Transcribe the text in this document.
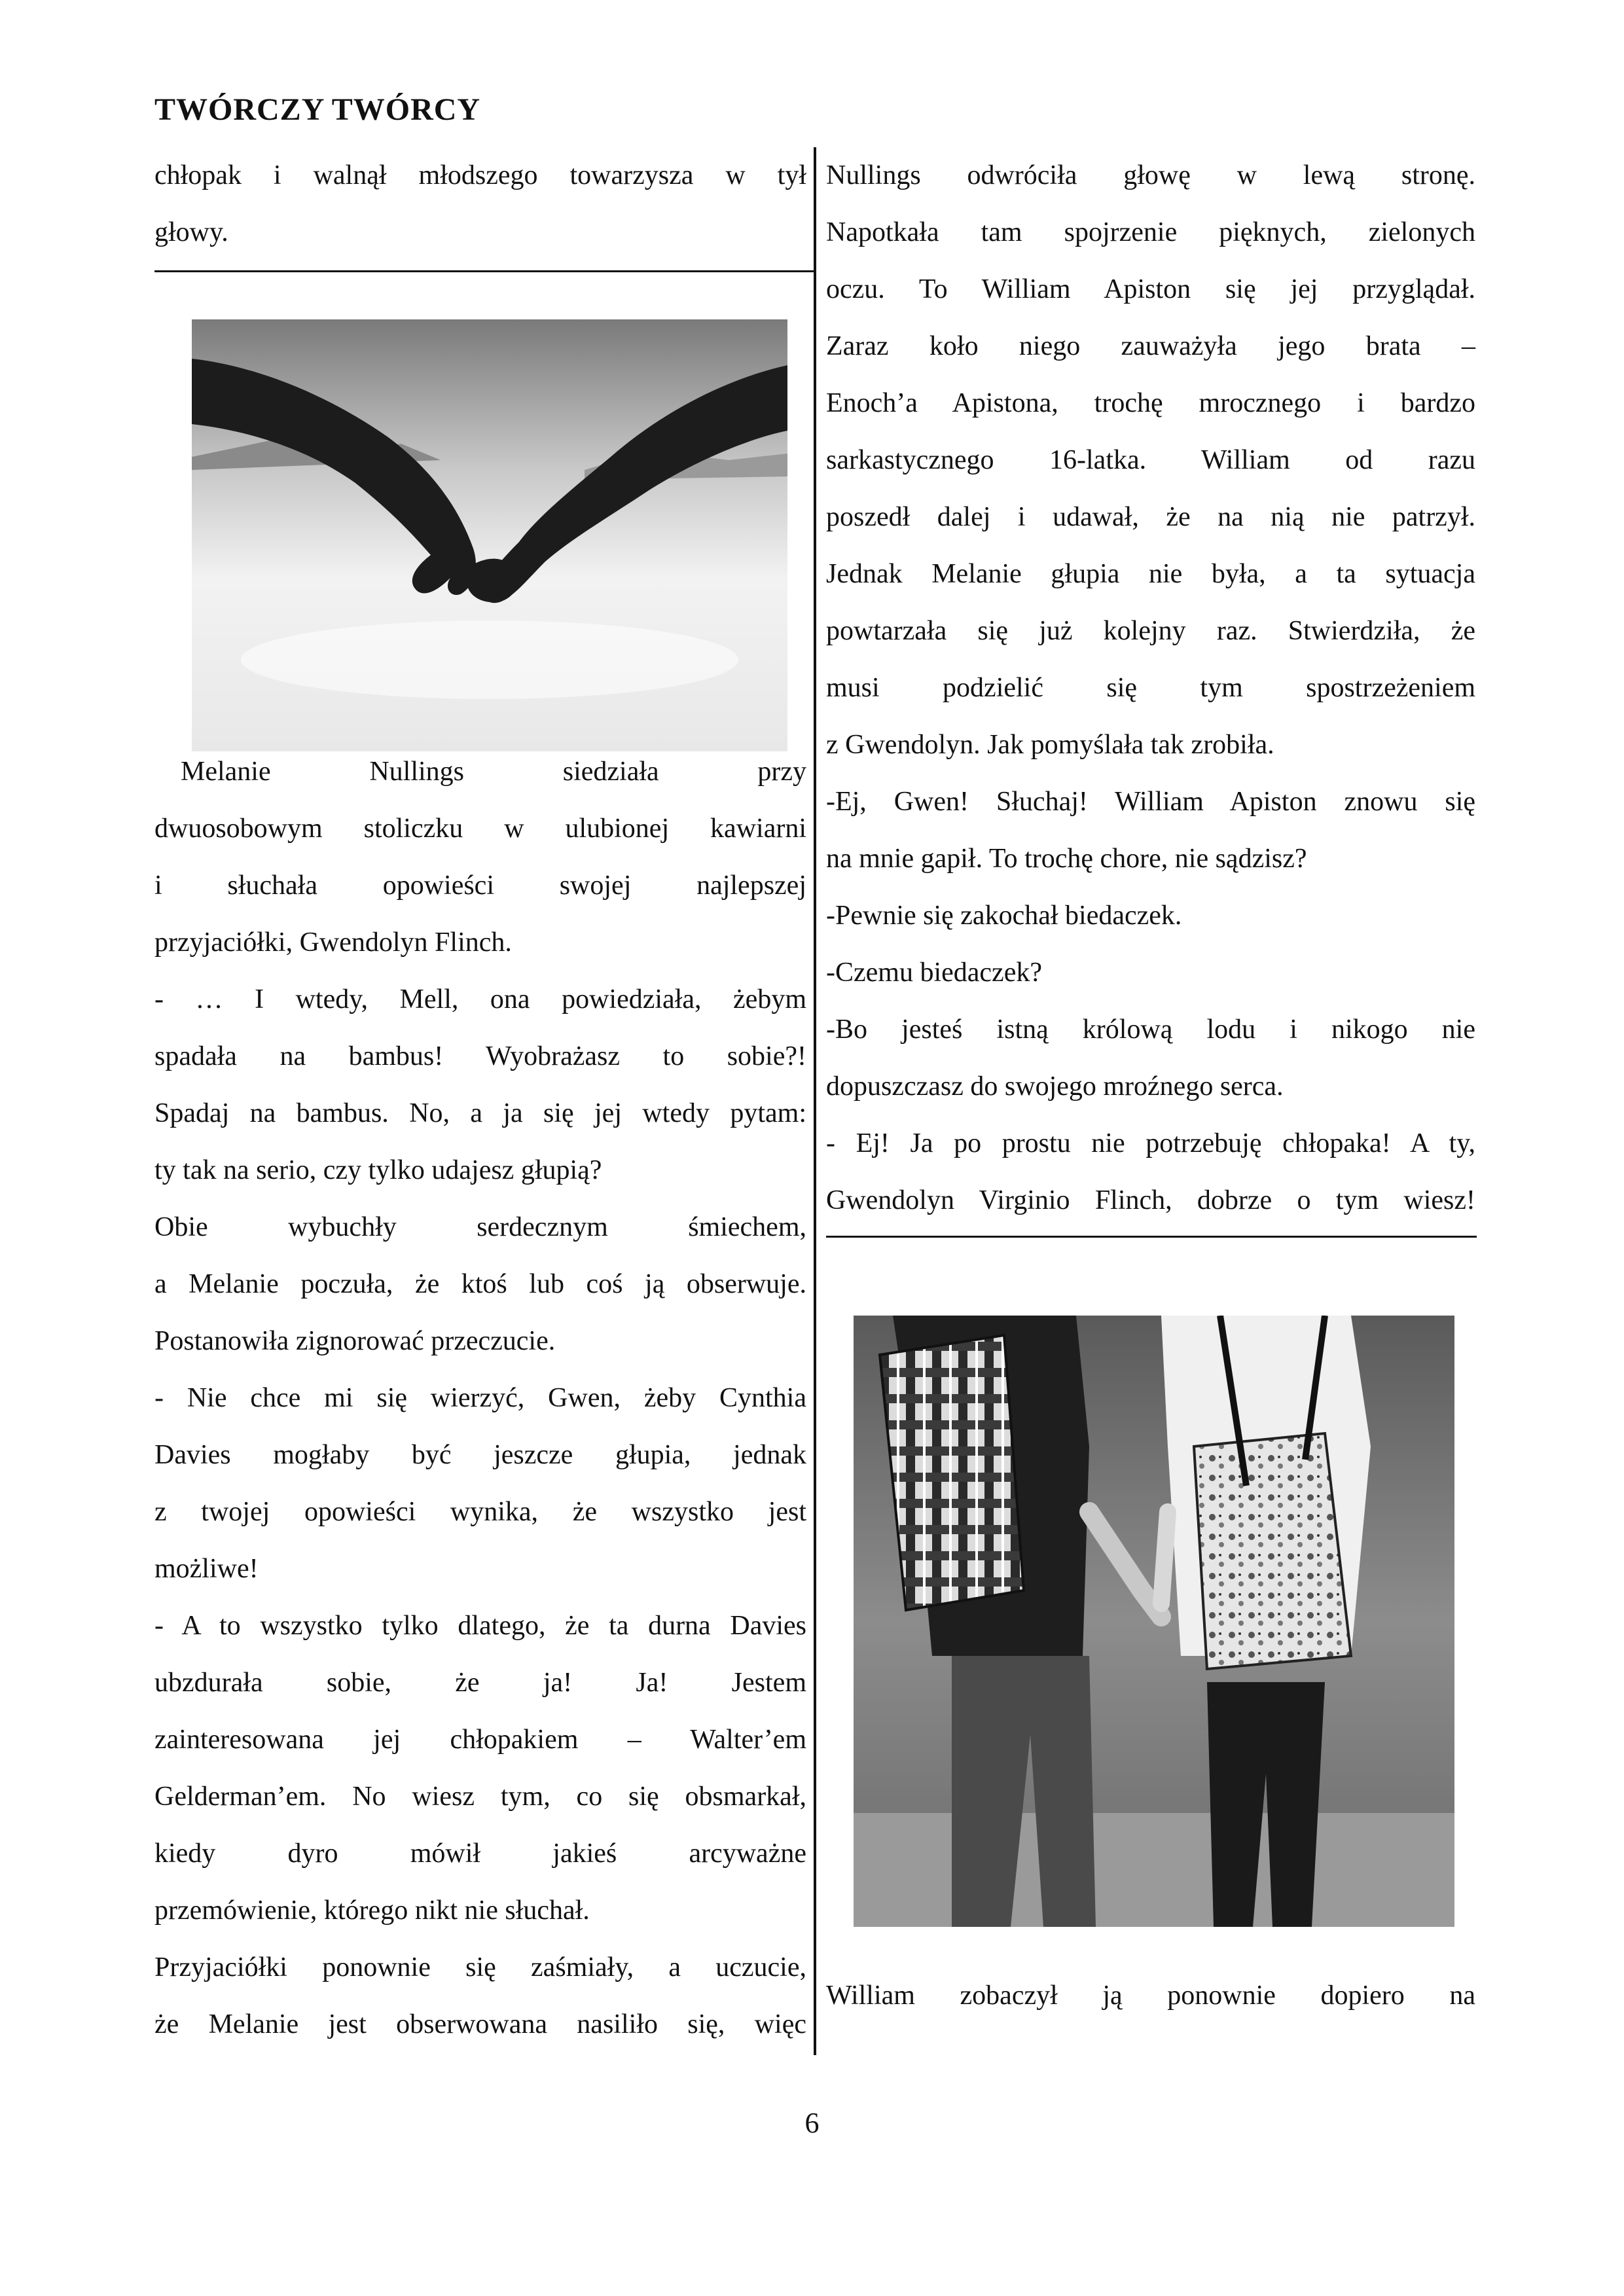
TWÓRCZY TWÓRCY

chłopak i walnął młodszego towarzysza w tył

głowy.

Melanie Nullings siedziała przy

dwuosobowym stoliczku w ulubionej kawiarni

i słuchała opowieści swojej najlepszej

przyjaciółki, Gwendolyn Flinch.

- … I wtedy, Mell, ona powiedziała, żebym

spadała na bambus! Wyobrażasz to sobie?!

Spadaj na bambus. No, a ja się jej wtedy pytam:

ty tak na serio, czy tylko udajesz głupią?

Obie wybuchły serdecznym śmiechem,

a Melanie poczuła, że ktoś lub coś ją obserwuje.

Postanowiła zignorować przeczucie.

- Nie chce mi się wierzyć, Gwen, żeby Cynthia

Davies mogłaby być jeszcze głupia, jednak

z twojej opowieści wynika, że wszystko jest

możliwe!

- A to wszystko tylko dlatego, że ta durna Davies

ubzdurała sobie, że ja! Ja! Jestem

zainteresowana jej chłopakiem – Walter’em

Gelderman’em. No wiesz tym, co się obsmarkał,

kiedy dyro mówił jakieś arcyważne

przemówienie, którego nikt nie słuchał.

Przyjaciółki ponownie się zaśmiały, a uczucie,

że Melanie jest obserwowana nasiliło się, więc

Nullings odwróciła głowę w lewą stronę.

Napotkała tam spojrzenie pięknych, zielonych

oczu. To William Apiston się jej przyglądał.

Zaraz koło niego zauważyła jego brata –

Enoch’a Apistona, trochę mrocznego i bardzo

sarkastycznego 16-latka. William od razu

poszedł dalej i udawał, że na nią nie patrzył.

Jednak Melanie głupia nie była, a ta sytuacja

powtarzała się już kolejny raz. Stwierdziła, że

musi podzielić się tym spostrzeżeniem

z Gwendolyn. Jak pomyślała tak zrobiła.

-Ej, Gwen! Słuchaj! William Apiston znowu się

na mnie gapił. To trochę chore, nie sądzisz?

-Pewnie się zakochał biedaczek.

-Czemu biedaczek?

-Bo jesteś istną królową lodu i nikogo nie

dopuszczasz do swojego mroźnego serca.

- Ej! Ja po prostu nie potrzebuję chłopaka! A ty,

Gwendolyn Virginio Flinch, dobrze o tym wiesz!

William zobaczył ją ponownie dopiero na

6
